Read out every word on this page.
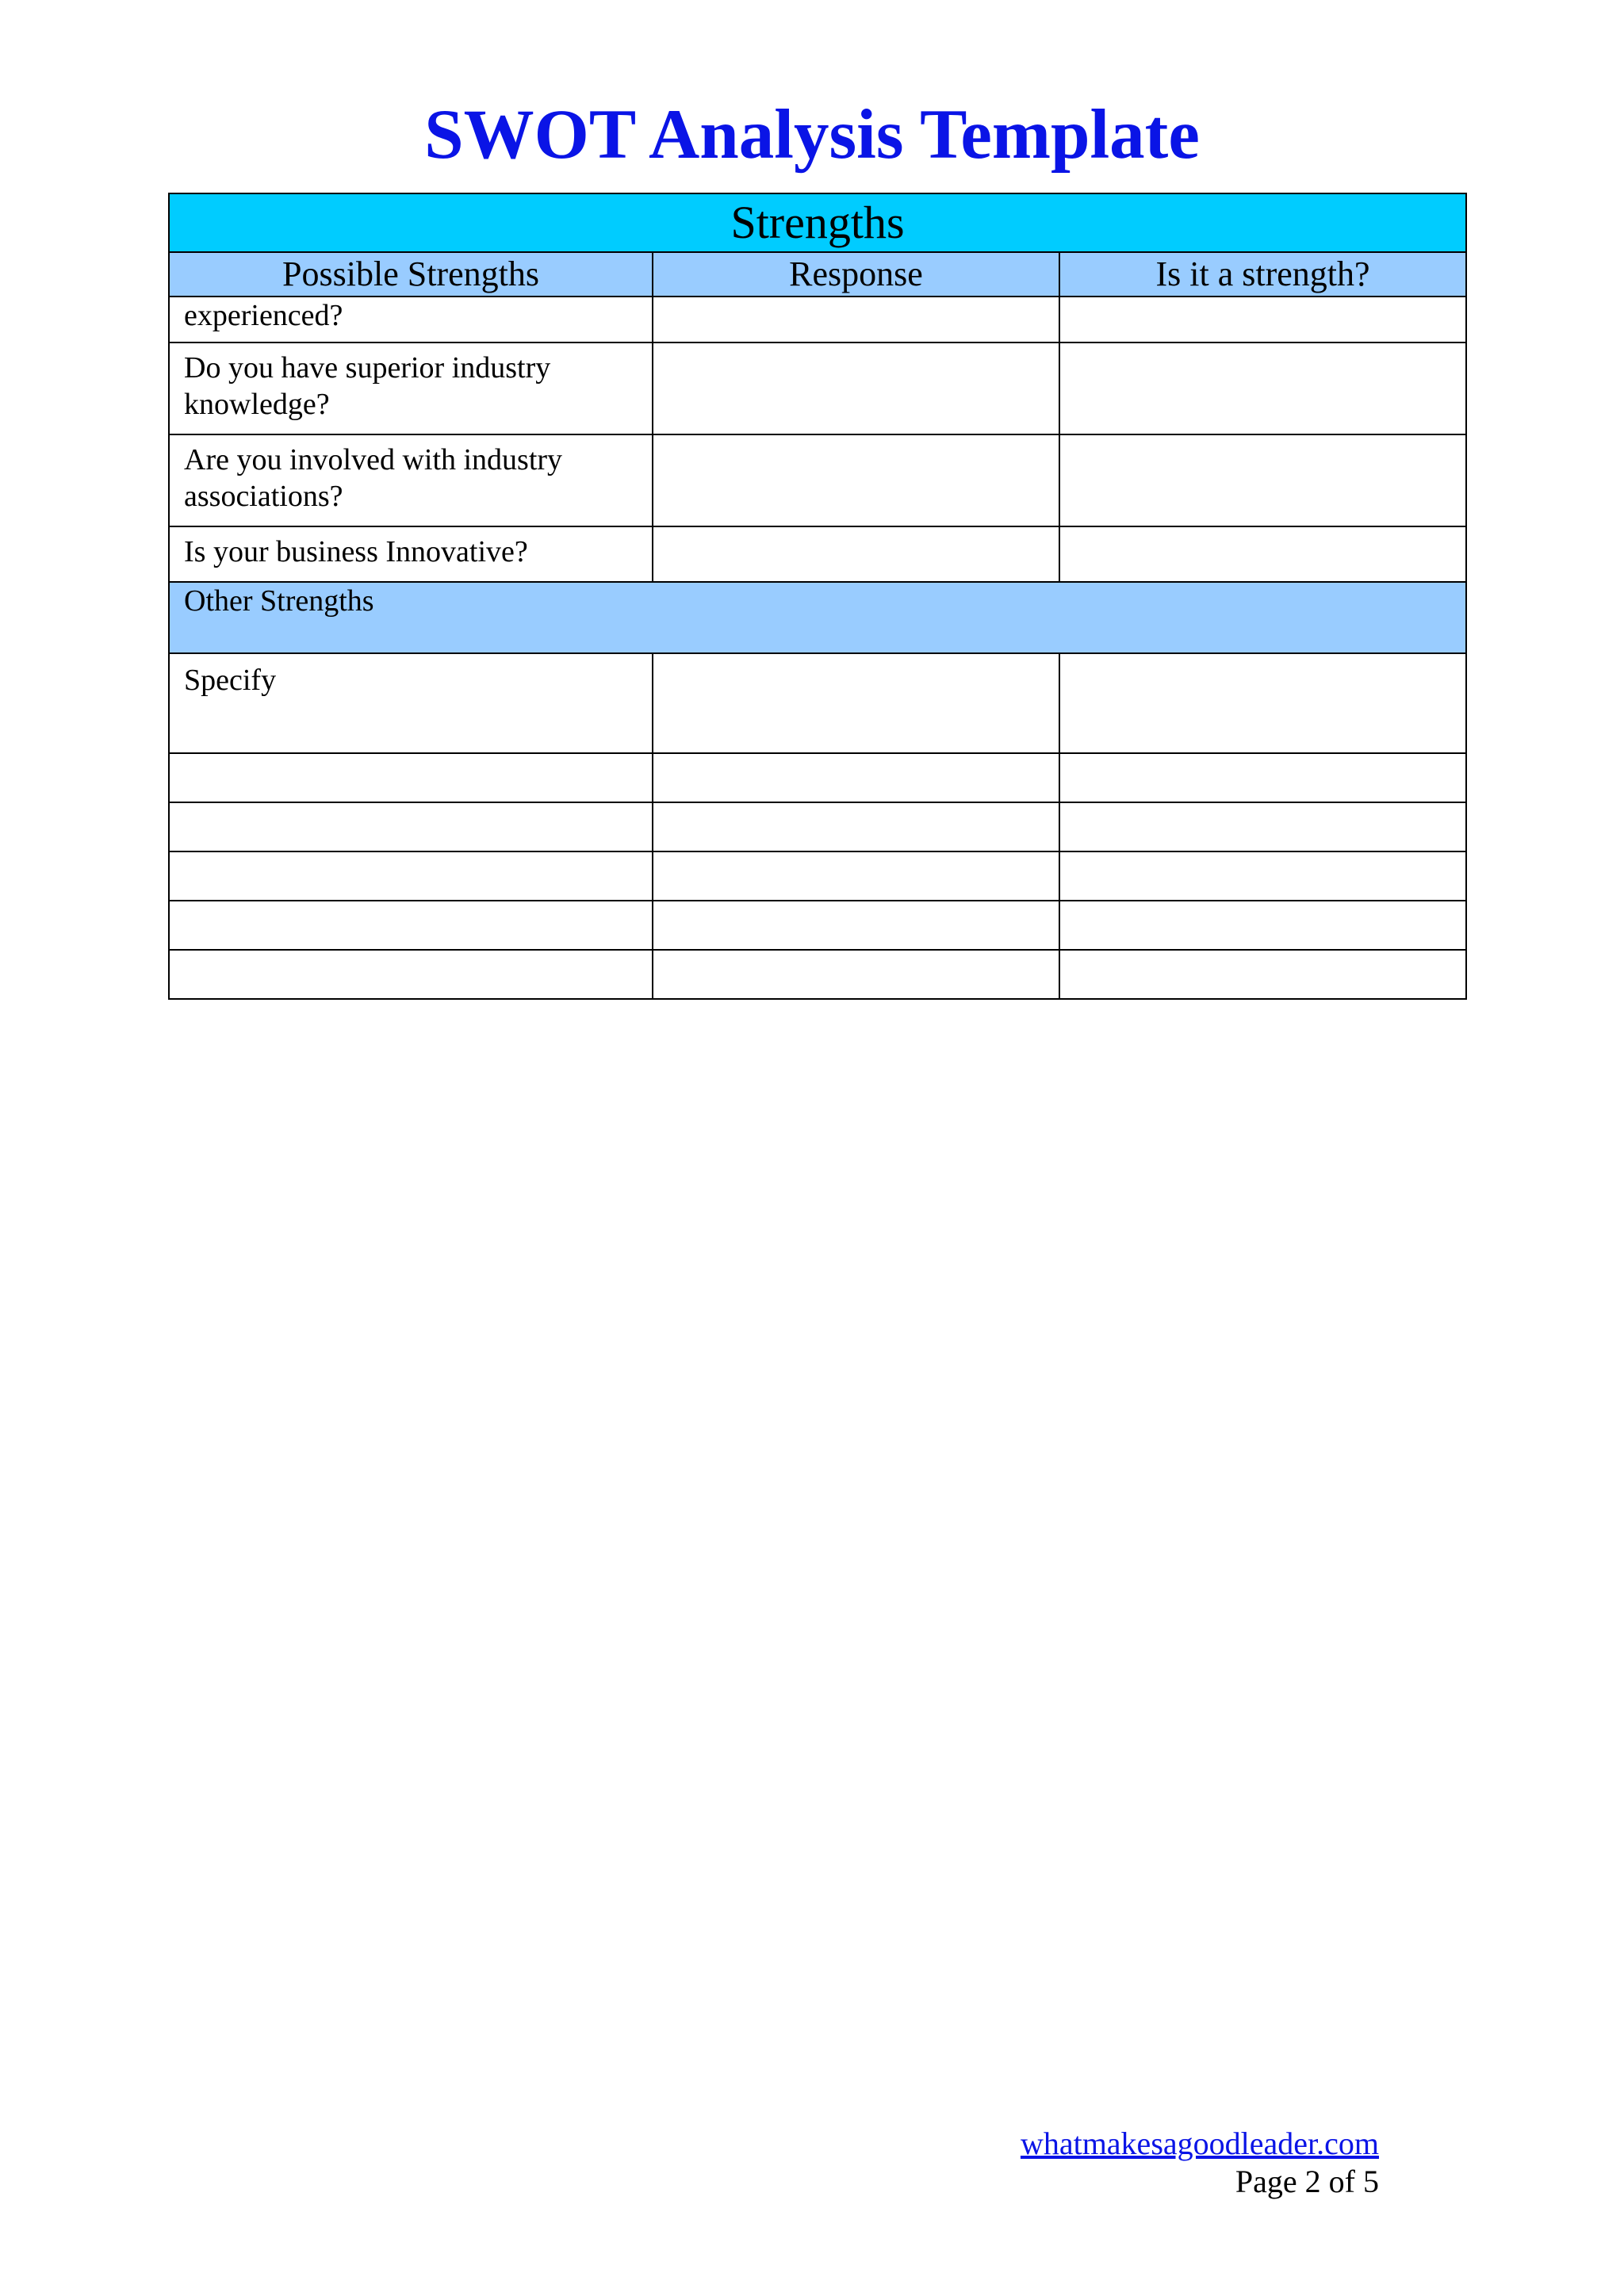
SWOT Analysis Template
Strengths		
Possible Strengths	Response	Is it a strength?
experienced?		
Do you have superior industry knowledge?		
Are you involved with industry associations?		
Is your business Innovative?		
Other Strengths		
Specify		

whatmakesagoodleader.com
Page 2 of 5
